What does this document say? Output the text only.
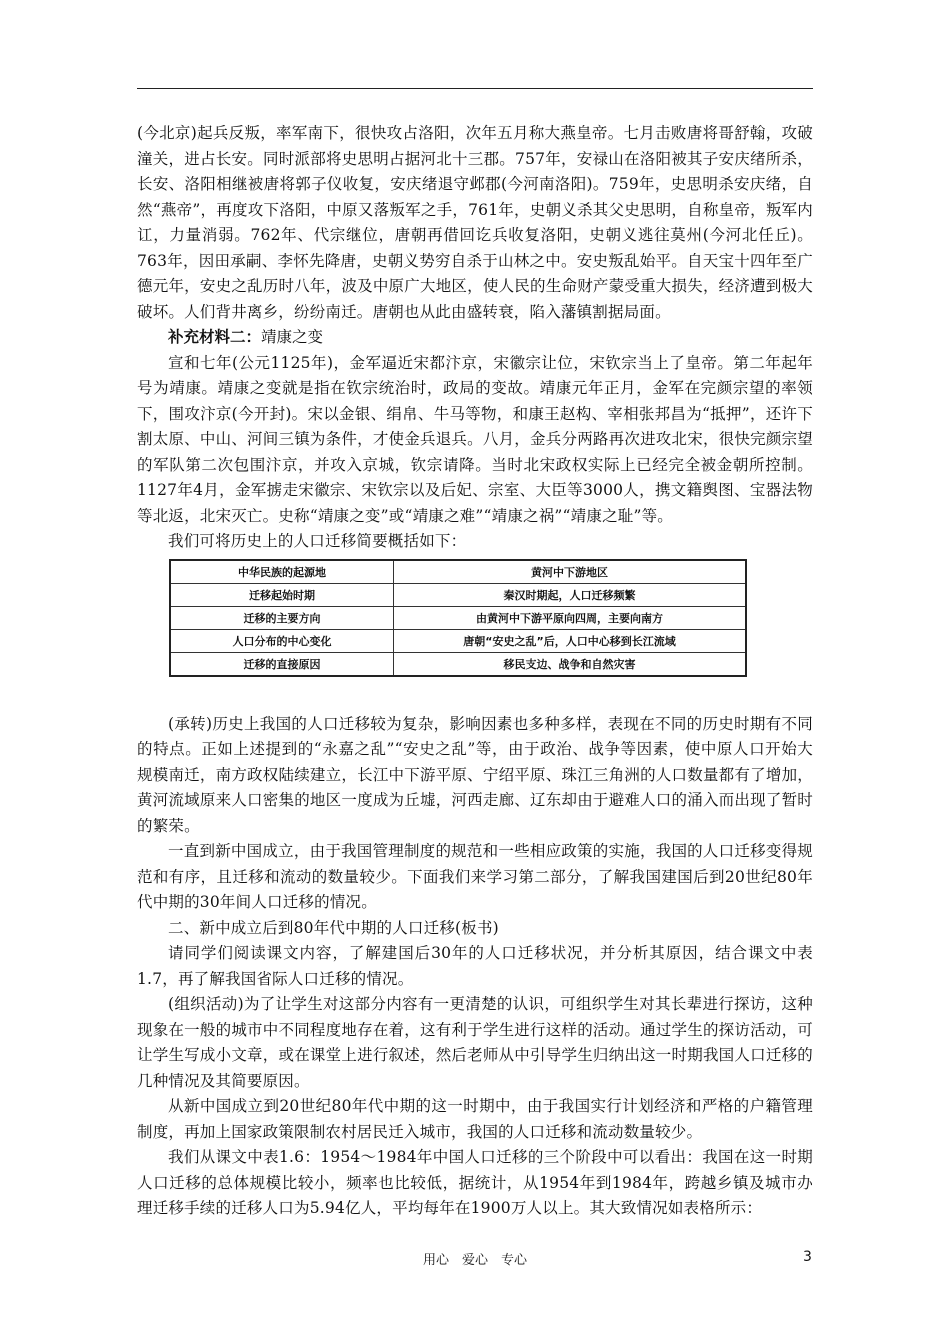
(今北京)起兵反叛，率军南下，很快攻占洛阳，次年五月称大燕皇帝。七月击败唐将哥舒翰，攻破潼关，进占长安。同时派部将史思明占据河北十三郡。757年，安禄山在洛阳被其子安庆绪所杀，长安、洛阳相继被唐将郭子仪收复，安庆绪退守邺郡(今河南洛阳)。759年，史思明杀安庆绪，自然“燕帝”，再度攻下洛阳，中原又落叛军之手，761年，史朝义杀其父史思明，自称皇帝，叛军内讧，力量消弱。762年、代宗继位，唐朝再借回讫兵收复洛阳，史朝义逃往莫州(今河北任丘)。763年，因田承嗣、李怀先降唐，史朝义势穷自杀于山林之中。安史叛乱始平。自天宝十四年至广德元年，安史之乱历时八年，波及中原广大地区，使人民的生命财产蒙受重大损失，经济遭到极大破坏。人们背井离乡，纷纷南迁。唐朝也从此由盛转衰，陷入藩镇割据局面。

补充材料二：靖康之变

宣和七年(公元1125年)，金军逼近宋都汴京，宋徽宗让位，宋钦宗当上了皇帝。第二年起年号为靖康。靖康之变就是指在钦宗统治时，政局的变故。靖康元年正月，金军在完颜宗望的率领下，围攻汴京(今开封)。宋以金银、绢帛、牛马等物，和康王赵构、宰相张邦昌为“抵押”，还许下割太原、中山、河间三镇为条件，才使金兵退兵。八月，金兵分两路再次进攻北宋，很快完颜宗望的军队第二次包围汴京，并攻入京城，钦宗请降。当时北宋政权实际上已经完全被金朝所控制。1127年4月，金军掳走宋徽宗、宋钦宗以及后妃、宗室、大臣等3000人，携文籍舆图、宝器法物等北返，北宋灭亡。史称“靖康之变”或“靖康之难”“靖康之祸”“靖康之耻”等。

我们可将历史上的人口迁移简要概括如下：

中华民族的起源地	黄河中下游地区
迁移起始时期	秦汉时期起，人口迁移频繁
迁移的主要方向	由黄河中下游平原向四周，主要向南方
人口分布的中心变化	唐朝“安史之乱”后，人口中心移到长江流域
迁移的直接原因	移民支边、战争和自然灾害

(承转)历史上我国的人口迁移较为复杂，影响因素也多种多样，表现在不同的历史时期有不同的特点。正如上述提到的“永嘉之乱”“安史之乱”等，由于政治、战争等因素，使中原人口开始大规模南迁，南方政权陆续建立，长江中下游平原、宁绍平原、珠江三角洲的人口数量都有了增加，黄河流域原来人口密集的地区一度成为丘墟，河西走廊、辽东却由于避难人口的涌入而出现了暂时的繁荣。

一直到新中国成立，由于我国管理制度的规范和一些相应政策的实施，我国的人口迁移变得规范和有序，且迁移和流动的数量较少。下面我们来学习第二部分，了解我国建国后到20世纪80年代中期的30年间人口迁移的情况。

二、新中成立后到80年代中期的人口迁移(板书)

请同学们阅读课文内容，了解建国后30年的人口迁移状况，并分析其原因，结合课文中表1.7，再了解我国省际人口迁移的情况。

(组织活动)为了让学生对这部分内容有一更清楚的认识，可组织学生对其长辈进行探访，这种现象在一般的城市中不同程度地存在着，这有利于学生进行这样的活动。通过学生的探访活动，可让学生写成小文章，或在课堂上进行叙述，然后老师从中引导学生归纳出这一时期我国人口迁移的几种情况及其简要原因。

从新中国成立到20世纪80年代中期的这一时期中，由于我国实行计划经济和严格的户籍管理制度，再加上国家政策限制农村居民迁入城市，我国的人口迁移和流动数量较少。

我们从课文中表1.6：1954～1984年中国人口迁移的三个阶段中可以看出：我国在这一时期人口迁移的总体规模比较小，频率也比较低，据统计，从1954年到1984年，跨越乡镇及城市办理迁移手续的迁移人口为5.94亿人，平均每年在1900万人以上。其大致情况如表格所示：

用心　爱心　专心	3
